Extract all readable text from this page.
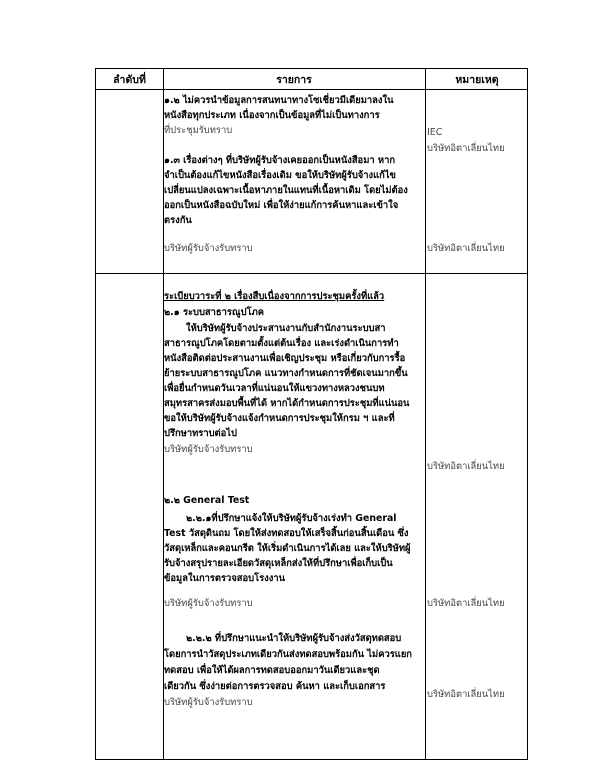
ลำดับที่	รายการ	หมายเหตุ
๑.๒ ไม่ควรนำข้อมูลการสนทนาทางโซเชี่ยวมีเดียมาลงใน
หนังสือทุกประเภท เนื่องจากเป็นข้อมูลที่ไม่เป็นทางการ
ที่ประชุมรับทราบ
๑.๓ เรื่องต่างๆ ที่บริษัทผู้รับจ้างเคยออกเป็นหนังสือมา หาก
จำเป็นต้องแก้ไขหนังสือเรื่องเดิม ขอให้บริษัทผู้รับจ้างแก้ไข
เปลี่ยนแปลงเฉพาะเนื้อหาภายในแทนที่เนื้อหาเดิม โดยไม่ต้อง
ออกเป็นหนังสือฉบับใหม่ เพื่อให้ง่ายแก้การค้นหาและเข้าใจ
ตรงกัน
บริษัทผู้รับจ้างรับทราบ
IEC
บริษัทอิตาเลี่ยนไทย
บริษัทอิตาเลี่ยนไทย
ระเบียบวาระที่ ๒ เรื่องสืบเนื่องจากการประชุมครั้งที่แล้ว
๒.๑ ระบบสาธารณูปโภค
ให้บริษัทผู้รับจ้างประสานงานกับสำนักงานระบบสา
สาธารณูปโภคโดยตามตั้งแต่ต้นเรื่อง และเร่งดำเนินการทำ
หนังสือติดต่อประสานงานเพื่อเชิญประชุม หรือเกี่ยวกับการรื้อ
ย้ายระบบสาธารณูปโภค แนวทางกำหนดการที่ชัดเจนมากขึ้น
เพื่อยื่นกำหนดวันเวลาที่แน่นอนให้แขวงทางหลวงชนบท
สมุทรสาครส่งมอบพื้นที่ได้ หากได้กำหนดการประชุมที่แน่นอน
ขอให้บริษัทผู้รับจ้างแจ้งกำหนดการประชุมให้กรม ฯ และที่
ปรึกษาทราบต่อไป
บริษัทผู้รับจ้างรับทราบ
๒.๒ General Test
๒.๒.๑ที่ปรึกษาแจ้งให้บริษัทผู้รับจ้างเร่งทำ General
Test วัสดุดินถม โดยให้ส่งทดสอบให้เสร็จสิ้นก่อนสิ้นเดือน ซึ่ง
วัสดุเหล็กและคอนกรีต ให้เริ่มดำเนินการได้เลย และให้บริษัทผู้
รับจ้างสรุปรายละเอียดวัสดุเหล็กส่งให้ที่ปรึกษาเพื่อเก็บเป็น
ข้อมูลในการตรวจสอบโรงงาน
บริษัทผู้รับจ้างรับทราบ
๒.๒.๒ ที่ปรึกษาแนะนำให้บริษัทผู้รับจ้างส่งวัสดุทดสอบ
โดยการนำวัสดุประเภทเดียวกันส่งทดสอบพร้อมกัน ไม่ควรแยก
ทดสอบ เพื่อให้ได้ผลการทดสอบออกมาวันเดียวและชุด
เดียวกัน ซึ่งง่ายต่อการตรวจสอบ ค้นหา และเก็บเอกสาร
บริษัทผู้รับจ้างรับทราบ
บริษัทอิตาเลี่ยนไทย
บริษัทอิตาเลี่ยนไทย
บริษัทอิตาเลี่ยนไทย
